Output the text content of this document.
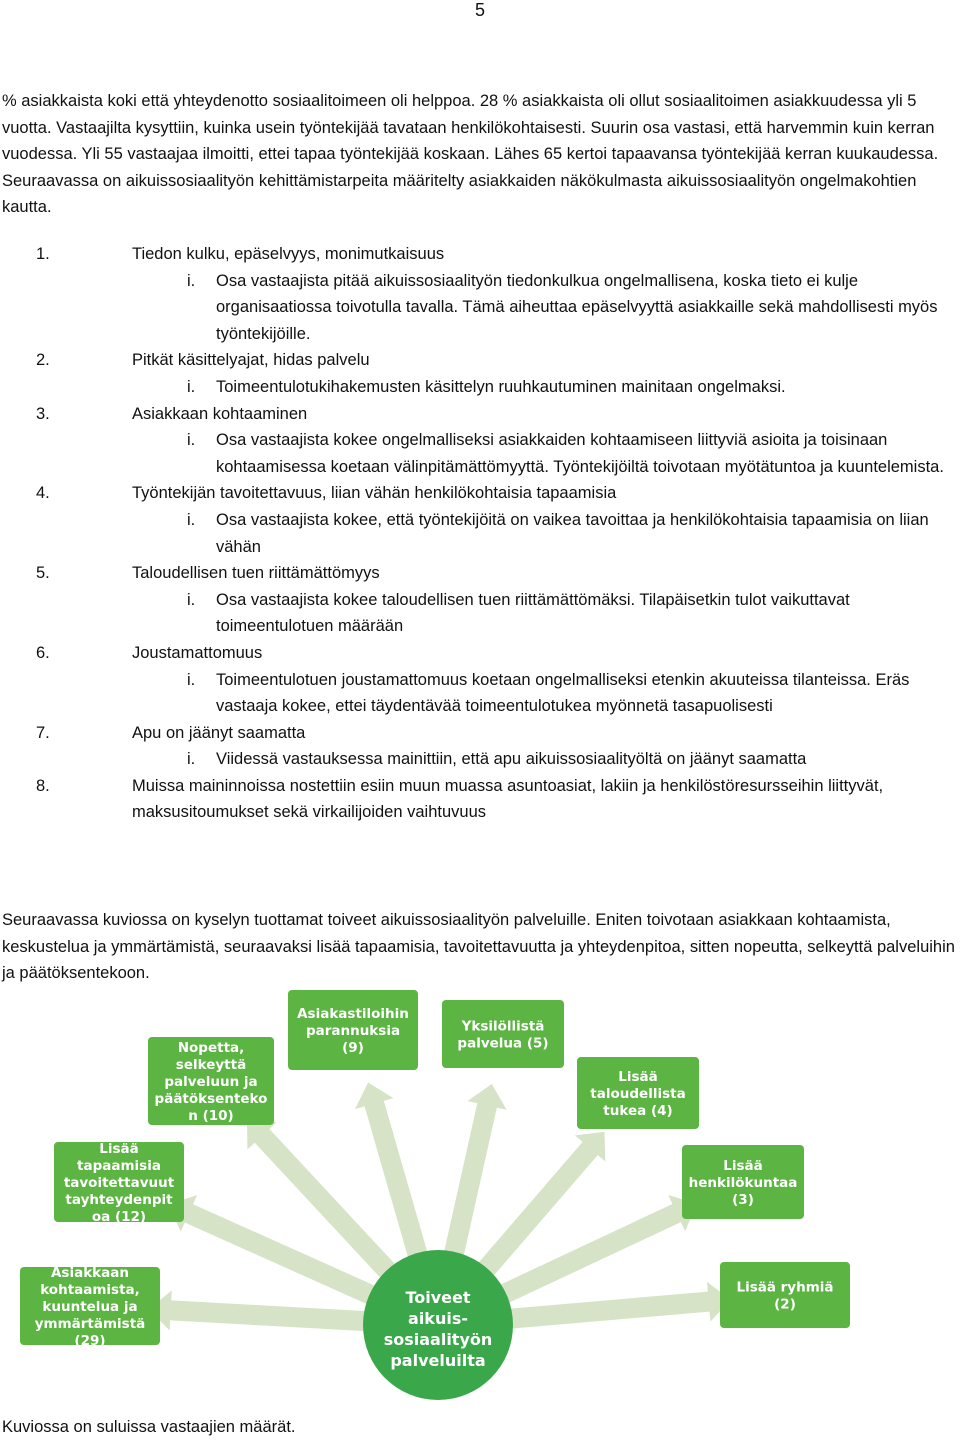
5
% asiakkaista koki että yhteydenotto sosiaalitoimeen oli helppoa. 28 % asiakkaista oli ollut sosiaalitoimen asiakkuudessa yli 5 vuotta. Vastaajilta kysyttiin, kuinka usein työntekijää tavataan henkilökohtaisesti. Suurin osa vastasi, että harvemmin kuin kerran vuodessa. Yli 55 vastaajaa ilmoitti, ettei tapaa työntekijää koskaan. Lähes 65 kertoi tapaavansa työntekijää kerran kuukaudessa. Seuraavassa on aikuissosiaalityön kehittämistarpeita määritelty asiakkaiden näkökulmasta aikuissosiaalityön ongelmakohtien kautta.
1.	Tiedon kulku, epäselvyys, monimutkaisuus
i. Osa vastaajista pitää aikuissosiaalityön tiedonkulkua ongelmallisena, koska tieto ei kulje organisaatiossa toivotulla tavalla. Tämä aiheuttaa epäselvyyttä asiakkaille sekä mahdollisesti myös työntekijöille.
2.	Pitkät käsittelyajat, hidas palvelu
i. Toimeentulotukihakemusten käsittelyn ruuhkautuminen mainitaan ongelmaksi.
3.	Asiakkaan kohtaaminen
i. Osa vastaajista kokee ongelmalliseksi asiakkaiden kohtaamiseen liittyviä asioita ja toisinaan kohtaamisessa koetaan välinpitämättömyyttä. Työntekijöiltä toivotaan myötätuntoa ja kuuntelemista.
4.	Työntekijän tavoitettavuus, liian vähän henkilökohtaisia tapaamisia
i. Osa vastaajista kokee, että työntekijöitä on vaikea tavoittaa ja henkilökohtaisia tapaamisia on liian vähän
5.	Taloudellisen tuen riittämättömyys
i. Osa vastaajista kokee taloudellisen tuen riittämättömäksi. Tilapäisetkin tulot vaikuttavat toimeentulotuen määrään
6.	Joustamattomuus
i. Toimeentulotuen joustamattomuus koetaan ongelmalliseksi etenkin akuuteissa tilanteissa. Eräs vastaaja kokee, ettei täydentävää toimeentulotukea myönnetä tasapuolisesti
7.	Apu on jäänyt saamatta
i. Viidessä vastauksessa mainittiin, että apu aikuissosiaalityöltä on jäänyt saamatta
8.	Muissa maininnoissa nostettiin esiin muun muassa asuntoasiat, lakiin ja henkilöstöresursseihin liittyvät, maksusitoumukset sekä virkailijoiden vaihtuvuus
Seuraavassa kuviossa on kyselyn tuottamat toiveet aikuissosiaalityön palveluille. Eniten toivotaan asiakkaan kohtaamista, keskustelua ja ymmärtämistä, seuraavaksi lisää tapaamisia, tavoitettavuutta ja yhteydenpitoa, sitten nopeutta, selkeyttä palveluihin ja päätöksentekoon.
Asiakkaan
kohtaamista,
kuuntelua ja
ymmärtämistä
(29)
Lisää
tapaamisia
tavoitettavuut
tayhteydenpit
oa (12)
Nopetta,
selkeyttä
palveluun ja
päätöksenteko
n (10)
Asiakastiloihin
parannuksia
(9)
Yksilöllistä
palvelua (5)
Lisää
taloudellista
tukea (4)
Lisää
henkilökuntaa
(3)
Lisää ryhmiä
(2)
Toiveet
aikuis-
sosiaalityön
palveluilta
Kuviossa on suluissa vastaajien määrät.
